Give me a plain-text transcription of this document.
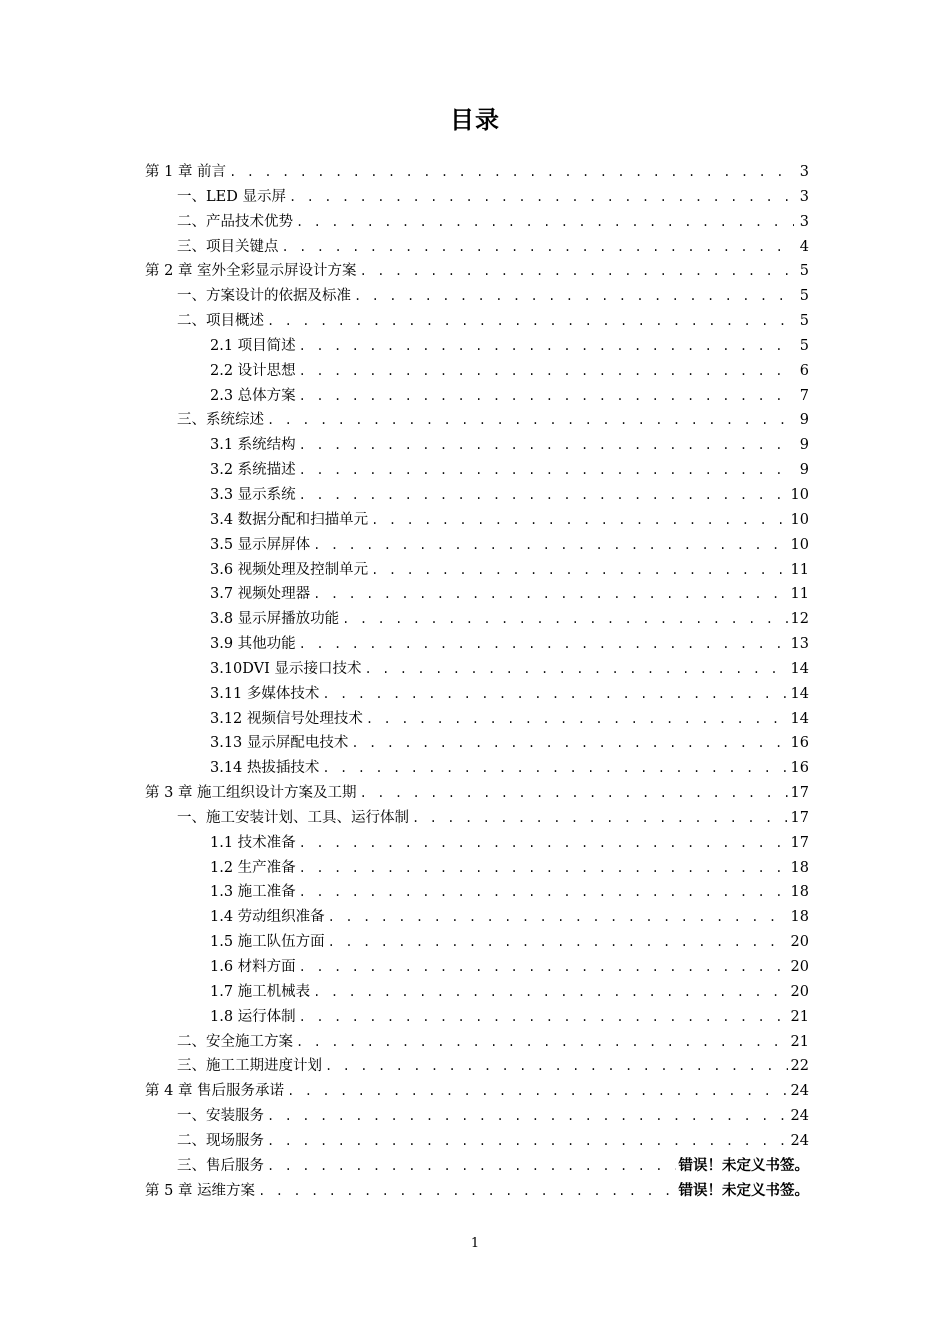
目录
第 1 章 前言 . . .	3
一、LED 显示屏 . . .	3
二、产品技术优势 . . .	3
三、项目关键点 . . .	4
第 2 章 室外全彩显示屏设计方案 . . .	5
一、方案设计的依据及标准 . . .	5
二、项目概述 . . .	5
2.1 项目简述 . . .	5
2.2 设计思想 . . .	6
2.3 总体方案 . . .	7
三、系统综述 . . .	9
3.1 系统结构 . . .	9
3.2 系统描述 . . .	9
3.3 显示系统 . . .	10
3.4 数据分配和扫描单元 . . .	10
3.5 显示屏屏体 . . .	10
3.6 视频处理及控制单元 . . .	11
3.7 视频处理器 . . .	11
3.8 显示屏播放功能 . . .	12
3.9 其他功能 . . .	13
3.10DVI 显示接口技术 . . .	14
3.11 多媒体技术 . . .	14
3.12 视频信号处理技术 . . .	14
3.13 显示屏配电技术 . . .	16
3.14 热拔插技术 . . .	16
第 3 章 施工组织设计方案及工期 . . .	17
一、施工安装计划、工具、运行体制 . . .	17
1.1 技术准备 . . .	17
1.2 生产准备 . . .	18
1.3 施工准备 . . .	18
1.4 劳动组织准备 . . .	18
1.5 施工队伍方面 . . .	20
1.6 材料方面 . . .	20
1.7 施工机械表 . . .	20
1.8 运行体制 . . .	21
二、安全施工方案 . . .	21
三、施工工期进度计划 . . .	22
第 4 章 售后服务承诺 . . .	24
一、安装服务 . . .	24
二、现场服务 . . .	24
三、售后服务 . . .	错误！未定义书签。
第 5 章 运维方案 . . .	错误！未定义书签。
1
